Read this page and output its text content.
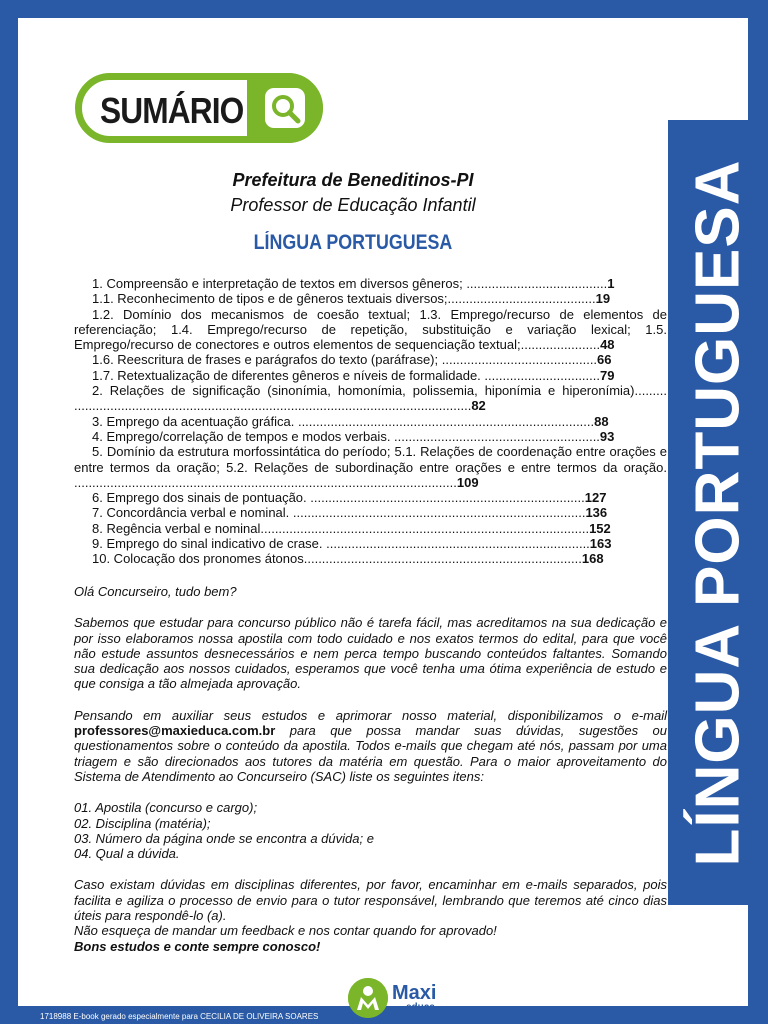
SUMÁRIO
Prefeitura de Beneditinos-PI
Professor de Educação Infantil
LÍNGUA PORTUGUESA

1. Compreensão e interpretação de textos em diversos gêneros; .......................................1

1.1. Reconhecimento de tipos e de gêneros textuais diversos;.........................................19

1.2. Domínio dos mecanismos de coesão textual; 1.3. Emprego/recurso de elementos de referenciação; 1.4. Emprego/recurso de repetição, substituição e variação lexical; 1.5. Emprego/recurso de conectores e outros elementos de sequenciação textual;......................48

1.6. Reescritura de frases e parágrafos do texto (paráfrase); ...........................................66

1.7. Retextualização de diferentes gêneros e níveis de formalidade. ................................79

2. Relações de significação (sinonímia, homonímia, polissemia, hiponímia e hiperonímia)......... ..............................................................................................................82

3. Emprego da acentuação gráfica. ..................................................................................88

4. Emprego/correlação de tempos e modos verbais. .........................................................93

5. Domínio da estrutura morfossintática do período; 5.1. Relações de coordenação entre orações e entre termos da oração; 5.2. Relações de subordinação entre orações e entre termos da oração. ..........................................................................................................109

6. Emprego dos sinais de pontuação. ............................................................................127

7. Concordância verbal e nominal. .................................................................................136

8. Regência verbal e nominal...........................................................................................152

9. Emprego do sinal indicativo de crase. .........................................................................163

10. Colocação dos pronomes átonos.............................................................................168

Olá Concurseiro, tudo bem?

Sabemos que estudar para concurso público não é tarefa fácil, mas acreditamos na sua dedicação e por isso elaboramos nossa apostila com todo cuidado e nos exatos termos do edital, para que você não estude assuntos desnecessários e nem perca tempo buscando conteúdos faltantes. Somando sua dedicação aos nossos cuidados, esperamos que você tenha uma ótima experiência de estudo e que consiga a tão almejada aprovação.

Pensando em auxiliar seus estudos e aprimorar nosso material, disponibilizamos o e-mail professores@maxieduca.com.br para que possa mandar suas dúvidas, sugestões ou questionamentos sobre o conteúdo da apostila. Todos e-mails que chegam até nós, passam por uma triagem e são direcionados aos tutores da matéria em questão. Para o maior aproveitamento do Sistema de Atendimento ao Concurseiro (SAC) liste os seguintes itens:

01. Apostila (concurso e cargo);

02. Disciplina (matéria);

03. Número da página onde se encontra a dúvida; e

04. Qual a dúvida.

Caso existam dúvidas em disciplinas diferentes, por favor, encaminhar em e-mails separados, pois facilita e agiliza o processo de envio para o tutor responsável, lembrando que teremos até cinco dias úteis para respondê-lo (a).

Não esqueça de mandar um feedback e nos contar quando for aprovado!

Bons estudos e conte sempre conosco!

Maxi
educa
LÍNGUA PORTUGUESA
1718988 E-book gerado especialmente para CECILIA DE OLIVEIRA SOARES
